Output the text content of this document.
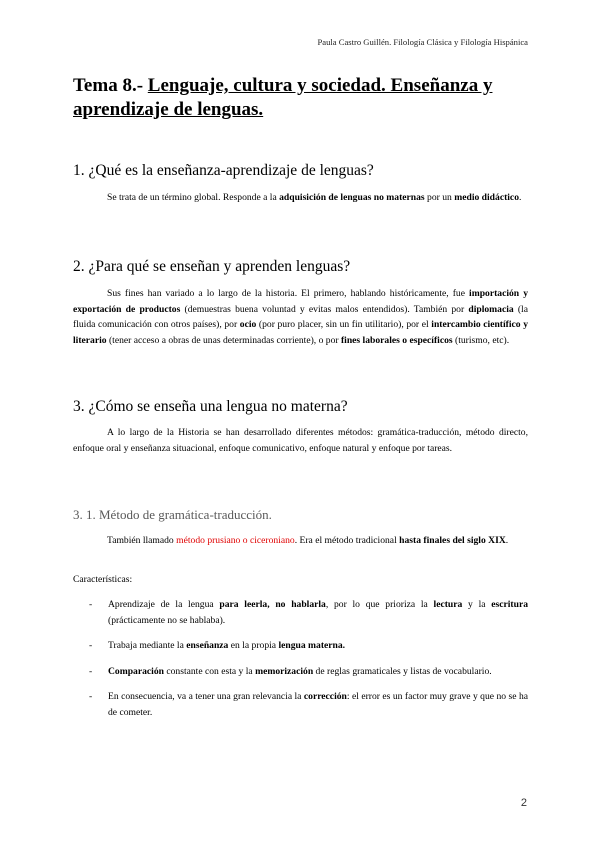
Paula Castro Guillén. Filología Clásica y Filología Hispánica
Tema 8.- Lenguaje, cultura y sociedad. Enseñanza y aprendizaje de lenguas.
1. ¿Qué es la enseñanza-aprendizaje de lenguas?

Se trata de un término global. Responde a la adquisición de lenguas no maternas por un medio didáctico.

2. ¿Para qué se enseñan y aprenden lenguas?

Sus fines han variado a lo largo de la historia. El primero, hablando históricamente, fue importación y exportación de productos (demuestras buena voluntad y evitas malos entendidos). También por diplomacia (la fluida comunicación con otros países), por ocio (por puro placer, sin un fin utilitario), por el intercambio científico y literario (tener acceso a obras de unas determinadas corriente), o por fines laborales o específicos (turismo, etc).

3. ¿Cómo se enseña una lengua no materna?

A lo largo de la Historia se han desarrollado diferentes métodos: gramática-traducción, método directo, enfoque oral y enseñanza situacional, enfoque comunicativo, enfoque natural y enfoque por tareas.

3. 1. Método de gramática-traducción.

También llamado método prusiano o ciceroniano. Era el método tradicional hasta finales del siglo XIX.

Características:

- Aprendizaje de la lengua para leerla, no hablarla, por lo que prioriza la lectura y la escritura (prácticamente no se hablaba).
- Trabaja mediante la enseñanza en la propia lengua materna.
- Comparación constante con esta y la memorización de reglas gramaticales y listas de vocabulario.
- En consecuencia, va a tener una gran relevancia la corrección: el error es un factor muy grave y que no se ha de cometer.
2
